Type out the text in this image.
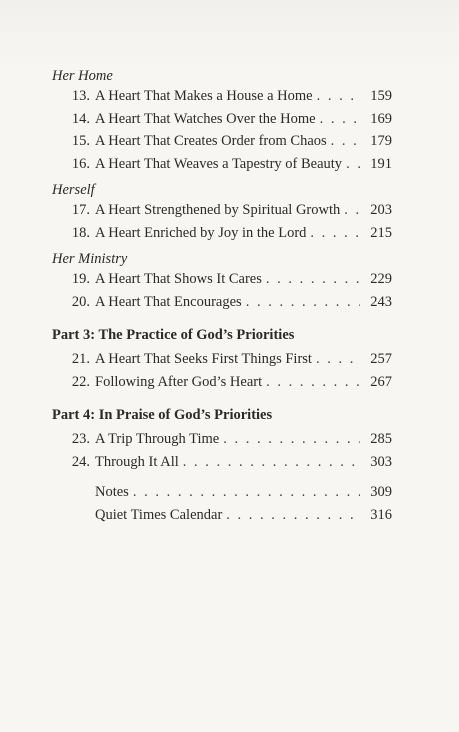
Her Home
13. A Heart That Makes a House a Home . . .	159
14. A Heart That Watches Over the Home . . .	169
15. A Heart That Creates Order from Chaos . . .	179
16. A Heart That Weaves a Tapestry of Beauty . . .	191
Herself
17. A Heart Strengthened by Spiritual Growth . . .	203
18. A Heart Enriched by Joy in the Lord . . .	215
Her Ministry
19. A Heart That Shows It Cares . . .	229
20. A Heart That Encourages . . .	243
Part 3: The Practice of God’s Priorities
21. A Heart That Seeks First Things First . . .	257
22. Following After God’s Heart . . .	267
Part 4: In Praise of God’s Priorities
23. A Trip Through Time . . .	285
24. Through It All . . .	303
Notes . . .	309
Quiet Times Calendar . . .	316
